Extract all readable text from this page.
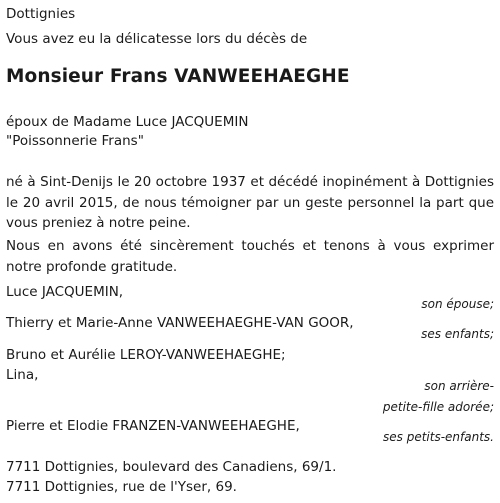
Dottignies
Vous avez eu la délicatesse lors du décès de
Monsieur Frans VANWEEHAEGHE
époux de Madame Luce JACQUEMIN
"Poissonnerie Frans"
né à Sint-Denijs le 20 octobre 1937 et décédé inopinément à Dottignies le 20 avril 2015, de nous témoigner par un geste personnel la part que vous preniez à notre peine.
Nous en avons été sincèrement touchés et tenons à vous exprimer notre profonde gratitude.
Luce JACQUEMIN,
son épouse;
Thierry et Marie-Anne VANWEEHAEGHE-VAN GOOR,
ses enfants;
Bruno et Aurélie LEROY-VANWEEHAEGHE;
Lina,
son arrière-
petite-fille adorée;
Pierre et Elodie FRANZEN-VANWEEHAEGHE,
ses petits-enfants.
7711 Dottignies, boulevard des Canadiens, 69/1.
7711 Dottignies, rue de l'Yser, 69.
